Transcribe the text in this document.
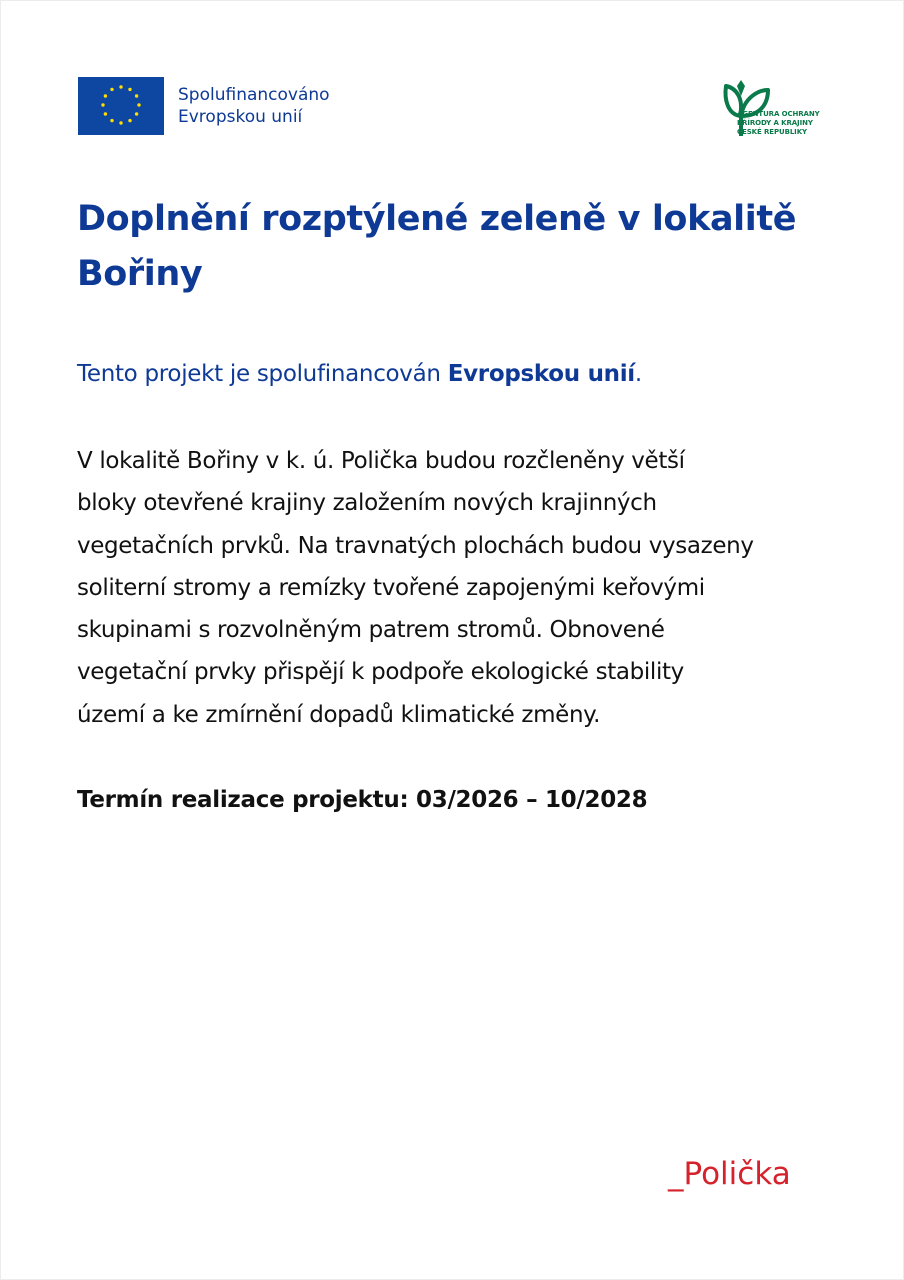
Spolufinancováno
Evropskou unií	AGENTURA OCHRANY
PŘÍRODY A KRAJINY
ČESKÉ REPUBLIKY
Doplnění rozptýlené zeleně v lokalitě
Bořiny
Tento projekt je spolufinancován Evropskou unií.
V lokalitě Bořiny v k. ú. Polička budou rozčleněny větší
bloky otevřené krajiny založením nových krajinných
vegetačních prvků. Na travnatých plochách budou vysazeny
soliterní stromy a remízky tvořené zapojenými keřovými
skupinami s rozvolněným patrem stromů. Obnovené
vegetační prvky přispějí k podpoře ekologické stability
území a ke zmírnění dopadů klimatické změny.
Termín realizace projektu: 03/2026 – 10/2028
_Polička
